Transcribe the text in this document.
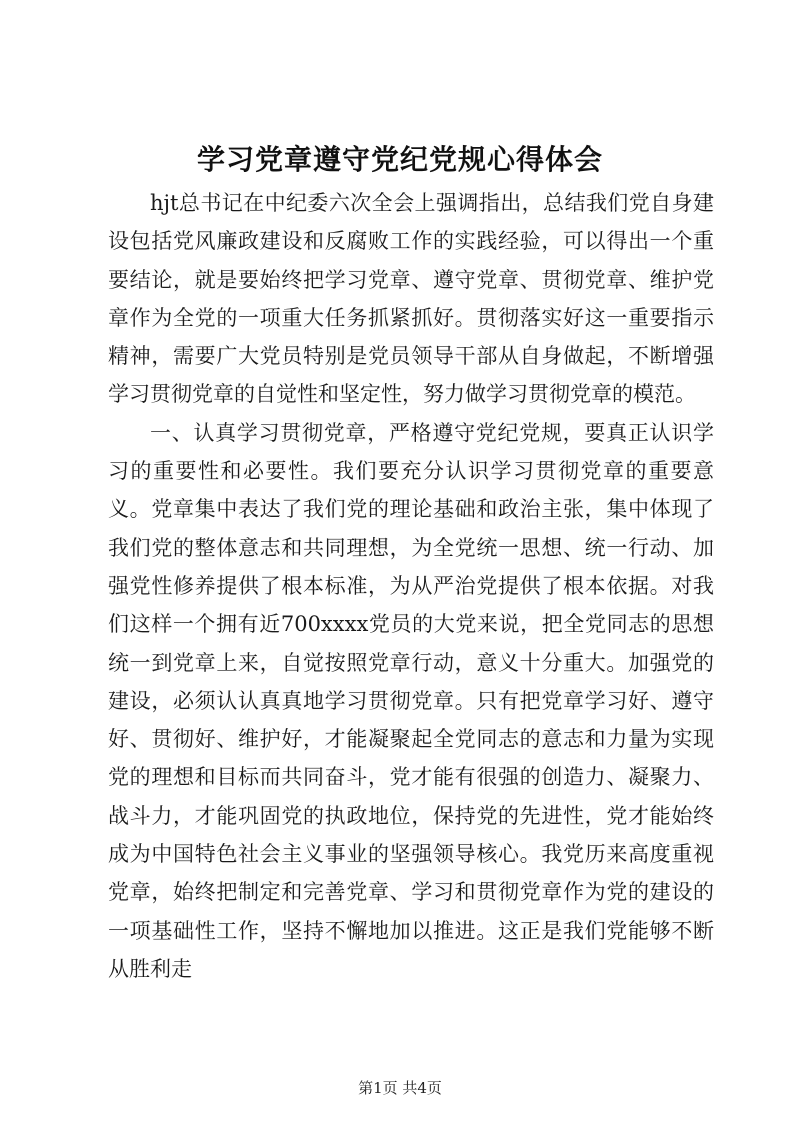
学习党章遵守党纪党规心得体会

hjt总书记在中纪委六次全会上强调指出，总结我们党自身建设包括党风廉政建设和反腐败工作的实践经验，可以得出一个重要结论，就是要始终把学习党章、遵守党章、贯彻党章、维护党章作为全党的一项重大任务抓紧抓好。贯彻落实好这一重要指示精神，需要广大党员特别是党员领导干部从自身做起，不断增强学习贯彻党章的自觉性和坚定性，努力做学习贯彻党章的模范。

一、认真学习贯彻党章，严格遵守党纪党规，要真正认识学习的重要性和必要性。我们要充分认识学习贯彻党章的重要意义。党章集中表达了我们党的理论基础和政治主张，集中体现了我们党的整体意志和共同理想，为全党统一思想、统一行动、加强党性修养提供了根本标准，为从严治党提供了根本依据。对我们这样一个拥有近700xxxx党员的大党来说，把全党同志的思想统一到党章上来，自觉按照党章行动，意义十分重大。加强党的建设，必须认认真真地学习贯彻党章。只有把党章学习好、遵守好、贯彻好、维护好，才能凝聚起全党同志的意志和力量为实现党的理想和目标而共同奋斗，党才能有很强的创造力、凝聚力、战斗力，才能巩固党的执政地位，保持党的先进性，党才能始终成为中国特色社会主义事业的坚强领导核心。我党历来高度重视党章，始终把制定和完善党章、学习和贯彻党章作为党的建设的一项基础性工作，坚持不懈地加以推进。这正是我们党能够不断从胜利走

第1页 共4页
